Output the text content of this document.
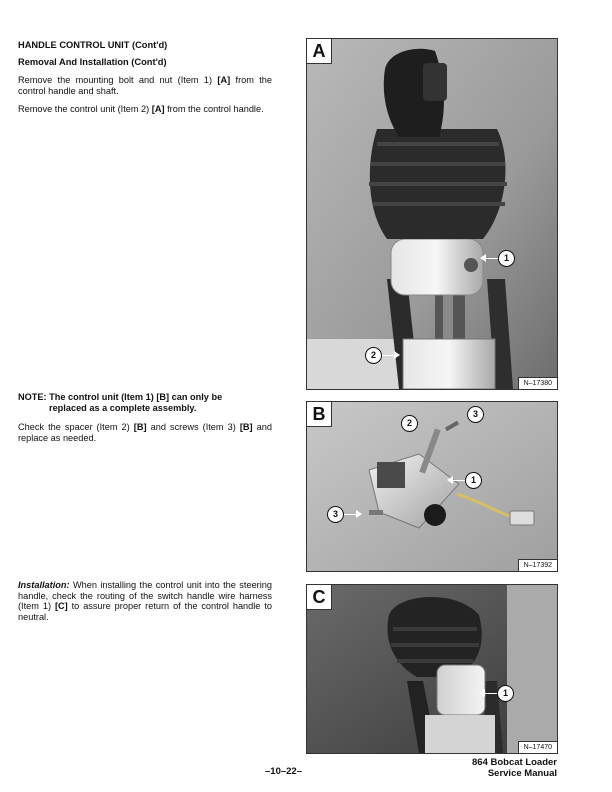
HANDLE CONTROL UNIT (Cont'd)

Removal And Installation (Cont'd)

Remove the mounting bolt and nut (Item 1) [A] from the control handle and shaft.

Remove the control unit (Item 2) [A] from the control handle.

NOTE: The control unit (Item 1) [B] can only be
replaced as a complete assembly.

Check the spacer (Item 2) [B] and screws (Item 3) [B] and replace as needed.

Installation: When installing the control unit into the steering handle, check the routing of the switch handle wire harness (Item 1) [C] to assure proper return of the control handle to neutral.

A
1
2
N–17380
B	2
3
1
3
N–17392
C
1
N–17470
–10–22–
864 Bobcat Loader
Service Manual
